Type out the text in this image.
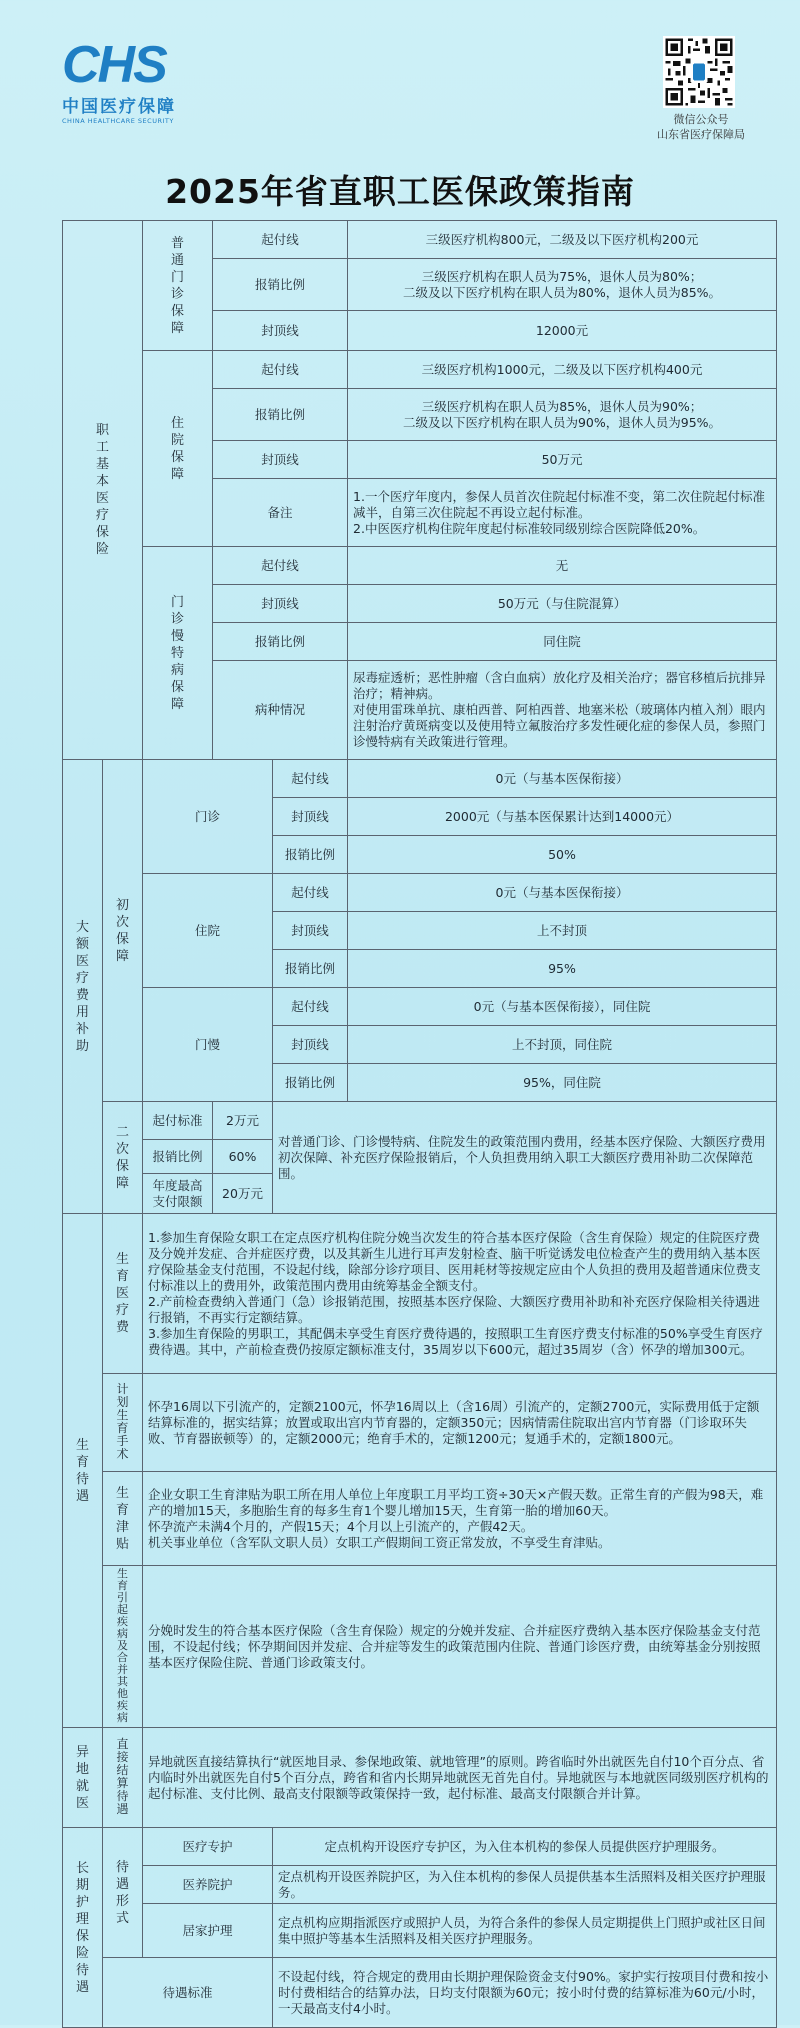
CHS
中国医疗保障
CHINA HEALTHCARE SECURITY	微信公众号
山东省医疗保障局
2025年省直职工医保政策指南
职工基本医疗保险		普通门诊保障	起付线		三级医疗机构800元，二级及以下医疗机构200元
			报销比例		三级医疗机构在职人员为75%，退休人员为80%；
二级及以下医疗机构在职人员为80%，退休人员为85%。

			封顶线		12000元
		住院保障	起付线		三级医疗机构1000元，二级及以下医疗机构400元
			报销比例		三级医疗机构在职人员为85%，退休人员为90%；
二级及以下医疗机构在职人员为90%，退休人员为95%。

			封顶线		50万元
			备注		1.一个医疗年度内，参保人员首次住院起付标准不变，第二次住院起付标准减半，自第三次住院起不再设立起付标准。
2.中医医疗机构住院年度起付标准较同级别综合医院降低20%。

		门诊慢特病保障	起付线		无
			封顶线		50万元（与住院混算）
			报销比例		同住院
			病种情况		尿毒症透析；恶性肿瘤（含白血病）放化疗及相关治疗；器官移植后抗排异治疗；精神病。
对使用雷珠单抗、康柏西普、阿柏西普、地塞米松（玻璃体内植入剂）眼内注射治疗黄斑病变以及使用特立氟胺治疗多发性硬化症的参保人员，参照门诊慢特病有关政策进行管理。

大额医疗费用补助	初次保障	门诊		起付线	0元（与基本医保衔接）
				封顶线	2000元（与基本医保累计达到14000元）
				报销比例	50%
		住院		起付线	0元（与基本医保衔接）
				封顶线	上不封顶
				报销比例	95%
		门慢		起付线	0元（与基本医保衔接），同住院
				封顶线	上不封顶，同住院
				报销比例	95%，同住院
	二次保障	起付标准	2万元	对普通门诊、门诊慢特病、住院发生的政策范围内费用，经基本医疗保险、大额医疗费用初次保障、补充医疗保险报销后，个人负担费用纳入职工大额医疗费用补助二次保障范围。	
		报销比例	60%		
		年度最高支付限额	20万元		
生育待遇	生育医疗费	1.参加生育保险女职工在定点医疗机构住院分娩当次发生的符合基本医疗保险（含生育保险）规定的住院医疗费及分娩并发症、合并症医疗费，以及其新生儿进行耳声发射检查、脑干听觉诱发电位检查产生的费用纳入基本医疗保险基金支付范围，不设起付线，除部分诊疗项目、医用耗材等按规定应由个人负担的费用及超普通床位费支付标准以上的费用外，政策范围内费用由统筹基金全额支付。
2.产前检查费纳入普通门（急）诊报销范围，按照基本医疗保险、大额医疗费用补助和补充医疗保险相关待遇进行报销，不再实行定额结算。
3.参加生育保险的男职工，其配偶未享受生育医疗费待遇的，按照职工生育医疗费支付标准的50%享受生育医疗费待遇。其中，产前检查费仍按原定额标准支付，35周岁以下600元，超过35周岁（含）怀孕的增加300元。			

	计划生育手术	怀孕16周以下引流产的，定额2100元，怀孕16周以上（含16周）引流产的，定额2700元，实际费用低于定额结算标准的，据实结算；放置或取出宫内节育器的，定额350元；因病情需住院取出宫内节育器（门诊取环失败、节育器嵌顿等）的，定额2000元；绝育手术的，定额1200元；复通手术的，定额1800元。			
	生育津贴	企业女职工生育津贴为职工所在用人单位上年度职工月平均工资÷30天×产假天数。正常生育的产假为98天，难产的增加15天，多胞胎生育的每多生育1个婴儿增加15天，生育第一胎的增加60天。
怀孕流产未满4个月的，产假15天；4个月以上引流产的，产假42天。
机关事业单位（含军队文职人员）女职工产假期间工资正常发放，不享受生育津贴。			

	生育引起疾病及合并其他疾病	分娩时发生的符合基本医疗保险（含生育保险）规定的分娩并发症、合并症医疗费纳入基本医疗保险基金支付范围，不设起付线；怀孕期间因并发症、合并症等发生的政策范围内住院、普通门诊医疗费，由统筹基金分别按照基本医疗保险住院、普通门诊政策支付。			
异地就医	直接结算待遇	异地就医直接结算执行“就医地目录、参保地政策、就地管理”的原则。跨省临时外出就医先自付10个百分点、省内临时外出就医先自付5个百分点，跨省和省内长期异地就医无首先自付。异地就医与本地就医同级别医疗机构的起付标准、支付比例、最高支付限额等政策保持一致，起付标准、最高支付限额合并计算。			
长期护理保险待遇	待遇形式	医疗专护		定点机构开设医疗专护区，为入住本机构的参保人员提供医疗护理服务。	
		医养院护		定点机构开设医养院护区，为入住本机构的参保人员提供基本生活照料及相关医疗护理服务。	
		居家护理		定点机构应期指派医疗或照护人员，为符合条件的参保人员定期提供上门照护或社区日间集中照护等基本生活照料及相关医疗护理服务。	
	待遇标准			不设起付线，符合规定的费用由长期护理保险资金支付90%。家护实行按项目付费和按小时付费相结合的结算办法，日均支付限额为60元；按小时付费的结算标准为60元/小时，一天最高支付4小时。	
